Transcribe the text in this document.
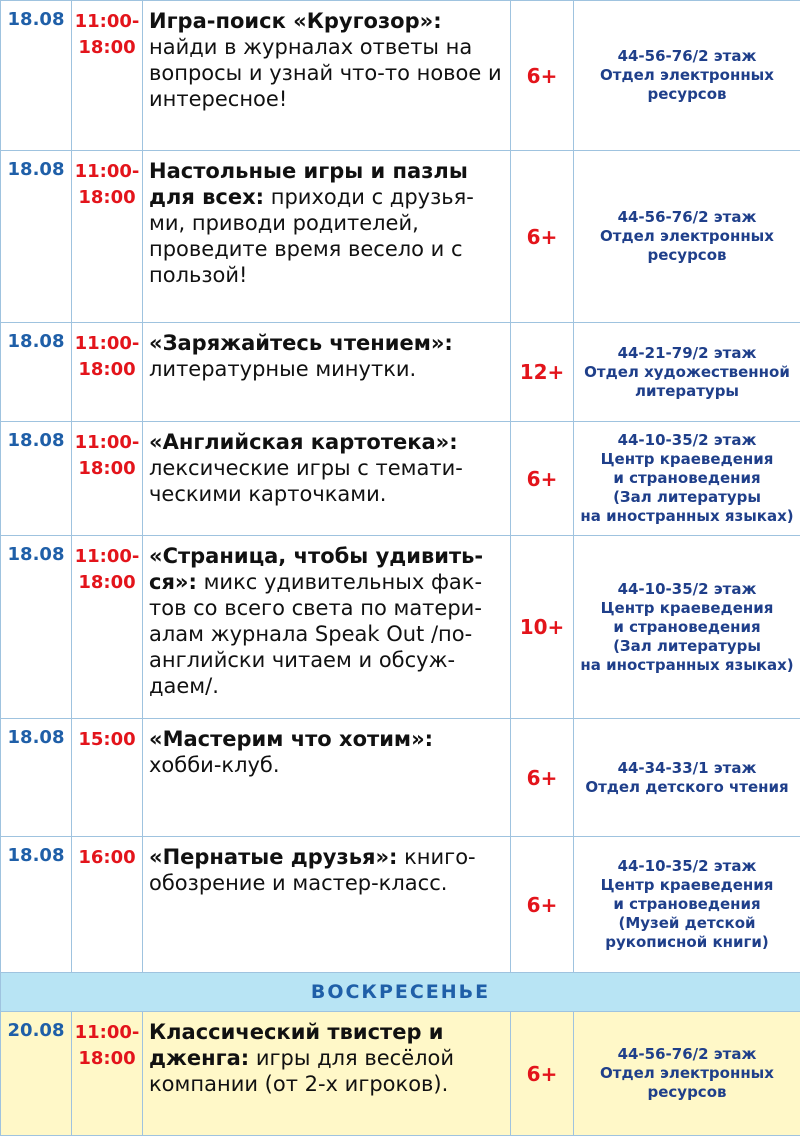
18.08	11:00-
18:00	Игра-поиск «Кругозор»: найди в журналах ответы на вопросы и узнай что-то новое и интересное!	6+	44-56-76/2 этаж
Отдел электронных
ресурсов

18.08	11:00-
18:00	Настольные игры и пазлы для всех: приходи с друзья-ми, приводи родителей, проведите время весело и с пользой!	6+	44-56-76/2 этаж
Отдел электронных
ресурсов

18.08	11:00-
18:00	«Заряжайтесь чтением»: литературные минутки.	12+	44-21-79/2 этаж
Отдел художественной
литературы

18.08	11:00-
18:00	«Английская картотека»: лексические игры с темати-ческими карточками.	6+	44-10-35/2 этаж
Центр краеведения
и страноведения
(Зал литературы
на иностранных языках)

18.08	11:00-
18:00	«Страница, чтобы удивить-ся»: микс удивительных фак-тов со всего света по матери-алам журнала Speak Out /по-английски читаем и обсуж-даем/.	10+	44-10-35/2 этаж
Центр краеведения
и страноведения
(Зал литературы
на иностранных языках)

18.08	15:00	«Мастерим что хотим»: хобби-клуб.	6+	44-34-33/1 этаж
Отдел детского чтения

18.08	16:00	«Пернатые друзья»: книго-обозрение и мастер-класс.	6+	44-10-35/2 этаж
Центр краеведения
и страноведения
(Музей детской
рукописной книги)

ВОСКРЕСЕНЬЕ				
20.08	11:00-
18:00	Классический твистер и дженга: игры для весёлой компании (от 2-х игроков).	6+	44-56-76/2 этаж
Отдел электронных
ресурсов
